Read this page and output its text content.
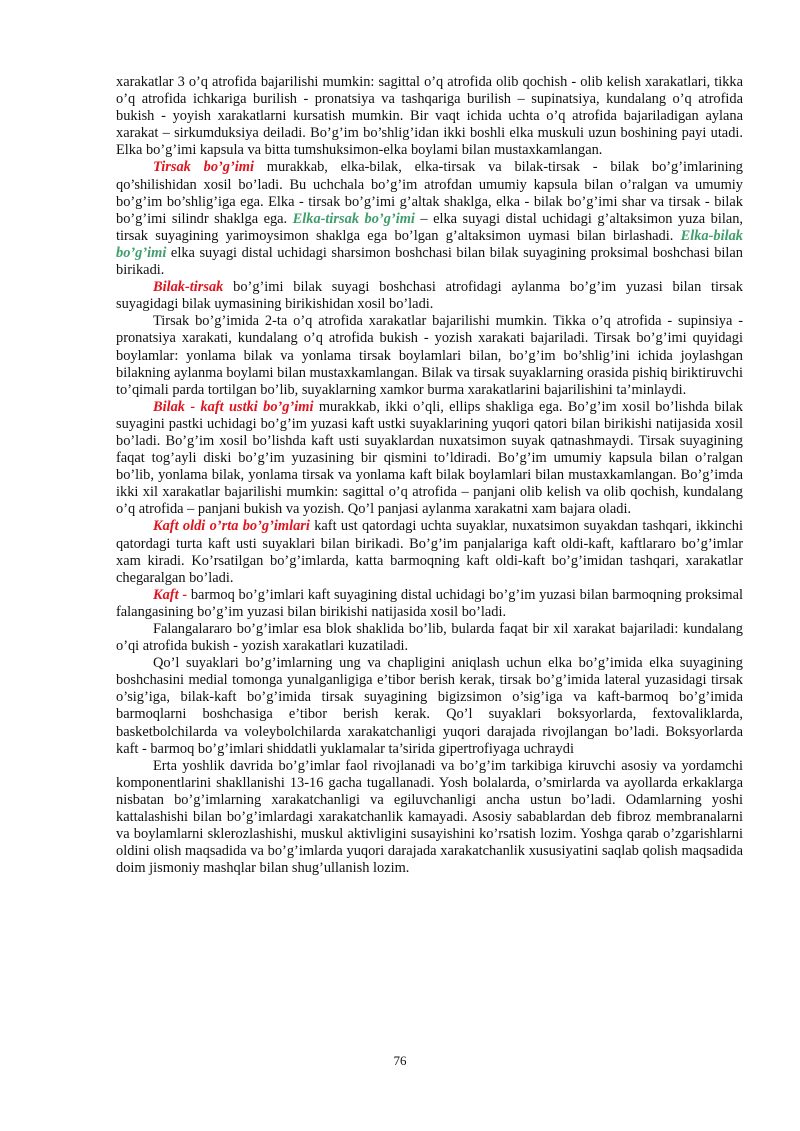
xarakatlar 3 o’q atrofida bajarilishi mumkin: sagittal o’q atrofida olib qochish - olib kelish xarakatlari, tikka o’q atrofida ichkariga burilish - pronatsiya va tashqariga burilish – supinatsiya, kundalang o’q atrofida bukish - yoyish xarakatlarni kursatish mumkin. Bir vaqt ichida uchta o’q atrofida bajariladigan aylana xarakat – sirkumduksiya deiladi. Bo’g’im bo’shlig’idan ikki boshli elka muskuli uzun boshining payi utadi. Elka bo’g’imi kapsula va bitta tumshuksimon-elka boylami bilan mustaxkamlangan.

Tirsak bo’g’imi murakkab, elka-bilak, elka-tirsak va bilak-tirsak - bilak bo’g’imlarining qo’shilishidan xosil bo’ladi. Bu uchchala bo’g’im atrofdan umumiy kapsula bilan o’ralgan va umumiy bo’g’im bo’shlig’iga ega. Elka - tirsak bo’g’imi g’altak shaklga, elka - bilak bo’g’imi shar va tirsak - bilak bo’g’imi silindr shaklga ega. Elka-tirsak bo’g’imi – elka suyagi distal uchidagi g’altaksimon yuza bilan, tirsak suyagining yarimoysimon shaklga ega bo’lgan g’altaksimon uymasi bilan birlashadi. Elka-bilak bo’g’imi elka suyagi distal uchidagi sharsimon boshchasi bilan bilak suyagining proksimal boshchasi bilan birikadi.

Bilak-tirsak bo’g’imi bilak suyagi boshchasi atrofidagi aylanma bo’g’im yuzasi bilan tirsak suyagidagi bilak uymasining birikishidan xosil bo’ladi.

Tirsak bo’g’imida 2-ta o’q atrofida xarakatlar bajarilishi mumkin. Tikka o’q atrofida - supinsiya - pronatsiya xarakati, kundalang o’q atrofida bukish - yozish xarakati bajariladi. Tirsak bo’g’imi quyidagi boylamlar: yonlama bilak va yonlama tirsak boylamlari bilan, bo’g’im bo’shlig’ini ichida joylashgan bilakning aylanma boylami bilan mustaxkamlangan. Bilak va tirsak suyaklarning orasida pishiq biriktiruvchi to’qimali parda tortilgan bo’lib, suyaklarning xamkor burma xarakatlarini bajarilishini ta’minlaydi.

Bilak - kaft ustki bo’g’imi murakkab, ikki o’qli, ellips shakliga ega. Bo’g’im xosil bo’lishda bilak suyagini pastki uchidagi bo’g’im yuzasi kaft ustki suyaklarining yuqori qatori bilan birikishi natijasida xosil bo’ladi. Bo’g’im xosil bo’lishda kaft usti suyaklardan nuxatsimon suyak qatnashmaydi. Tirsak suyagining faqat tog’ayli diski bo’g’im yuzasining bir qismini to’ldiradi. Bo’g’im umumiy kapsula bilan o’ralgan bo’lib, yonlama bilak, yonlama tirsak va yonlama kaft bilak boylamlari bilan mustaxkamlangan. Bo’g’imda ikki xil xarakatlar bajarilishi mumkin: sagittal o’q atrofida – panjani olib kelish va olib qochish, kundalang o’q atrofida – panjani bukish va yozish. Qo’l panjasi aylanma xarakatni xam bajara oladi.

Kaft oldi o’rta bo’g’imlari kaft ust qatordagi uchta suyaklar, nuxatsimon suyakdan tashqari, ikkinchi qatordagi turta kaft usti suyaklari bilan birikadi. Bo’g’im panjalariga kaft oldi-kaft, kaftlararo bo’g’imlar xam kiradi. Ko’rsatilgan bo’g’imlarda, katta barmoqning kaft oldi-kaft bo’g’imidan tashqari, xarakatlar chegaralgan bo’ladi.

Kaft - barmoq bo’g’imlari kaft suyagining distal uchidagi bo’g’im yuzasi bilan barmoqning proksimal falangasining bo’g’im yuzasi bilan birikishi natijasida xosil bo’ladi.

Falangalararo bo’g’imlar esa blok shaklida bo’lib, bularda faqat bir xil xarakat bajariladi: kundalang o’qi atrofida bukish - yozish xarakatlari kuzatiladi.

Qo’l suyaklari bo’g’imlarning ung va chapligini aniqlash uchun elka bo’g’imida elka suyagining boshchasini medial tomonga yunalganligiga e’tibor berish kerak, tirsak bo’g’imida lateral yuzasidagi tirsak o’sig’iga, bilak-kaft bo’g’imida tirsak suyagining bigizsimon o’sig’iga va kaft-barmoq bo’g’imida barmoqlarni boshchasiga e’tibor berish kerak. Qo’l suyaklari boksyorlarda, fextovaliklarda, basketbolchilarda va voleybolchilarda xarakatchanligi yuqori darajada rivojlangan bo’ladi. Boksyorlarda kaft - barmoq bo’g’imlari shiddatli yuklamalar ta’sirida gipertrofiyaga uchraydi

Erta yoshlik davrida bo’g’imlar faol rivojlanadi va bo’g’im tarkibiga kiruvchi asosiy va yordamchi komponentlarini shakllanishi 13-16 gacha tugallanadi. Yosh bolalarda, o’smirlarda va ayollarda erkaklarga nisbatan bo’g’imlarning xarakatchanligi va egiluvchanligi ancha ustun bo’ladi. Odamlarning yoshi kattalashishi bilan bo’g’imlardagi xarakatchanlik kamayadi. Asosiy sabablardan deb fibroz membranalarni va boylamlarni sklerozlashishi, muskul aktivligini susayishini ko’rsatish lozim. Yoshga qarab o’zgarishlarni oldini olish maqsadida va bo’g’imlarda yuqori darajada xarakatchanlik xususiyatini saqlab qolish maqsadida doim jismoniy mashqlar bilan shug’ullanish lozim.

76
